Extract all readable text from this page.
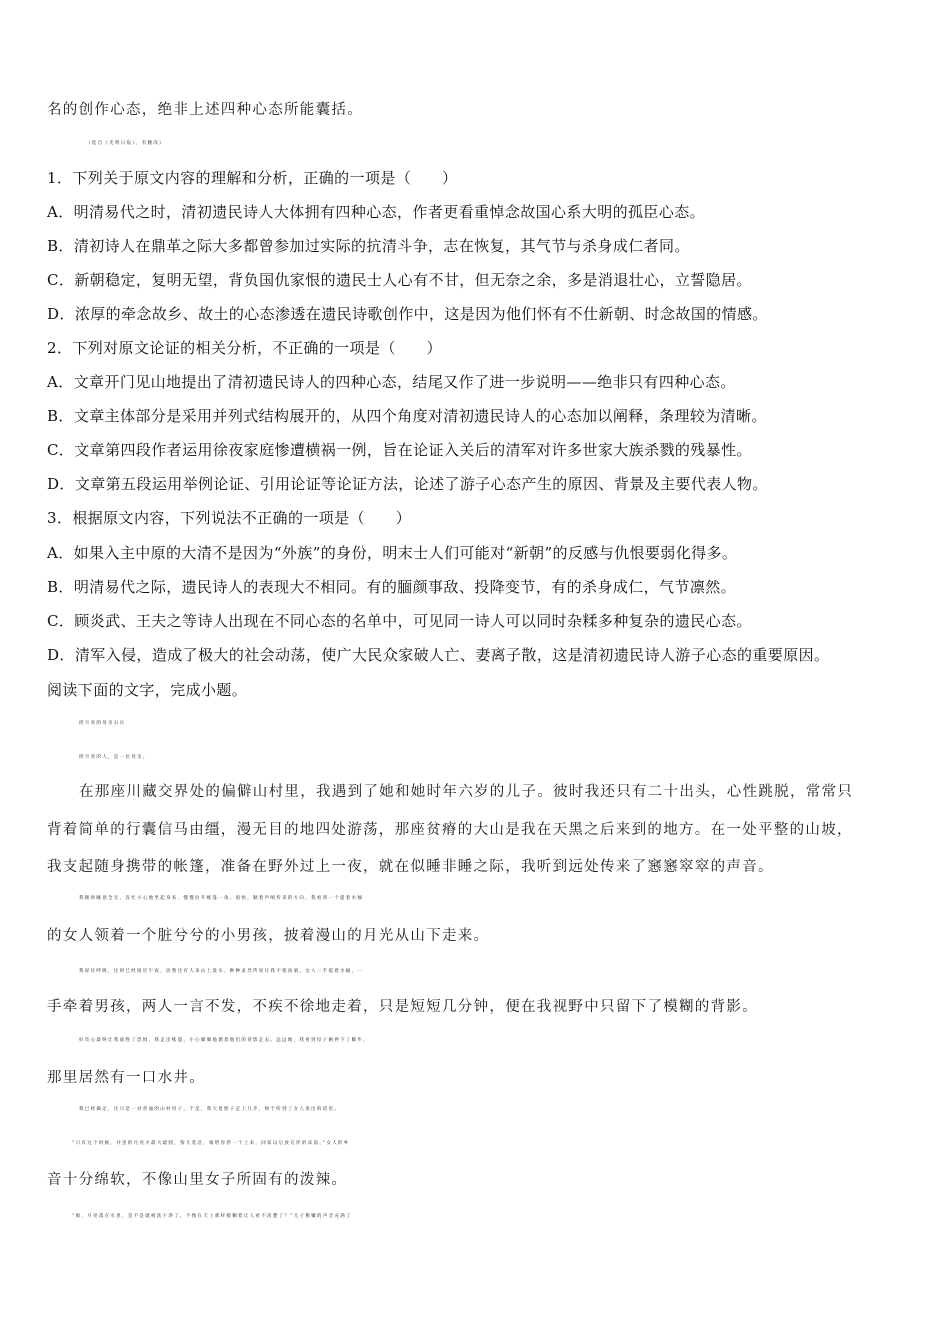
名的创作心态，绝非上述四种心态所能囊括。
（选自《光明日报》，有删改）
1．下列关于原文内容的理解和分析，正确的一项是（　　）
A．明清易代之时，清初遗民诗人大体拥有四种心态，作者更看重悼念故国心系大明的孤臣心态。
B．清初诗人在鼎革之际大多都曾参加过实际的抗清斗争，志在恢复，其气节与杀身成仁者同。
C．新朝稳定，复明无望，背负国仇家恨的遗民士人心有不甘，但无奈之余，多是消退壮心，立誓隐居。
D．浓厚的牵念故乡、故土的心态渗透在遗民诗歌创作中，这是因为他们怀有不仕新朝、时念故国的情感。
2．下列对原文论证的相关分析，不正确的一项是（　　）
A．文章开门见山地提出了清初遗民诗人的四种心态，结尾又作了进一步说明——绝非只有四种心态。
B．文章主体部分是采用并列式结构展开的，从四个角度对清初遗民诗人的心态加以阐释，条理较为清晰。
C．文章第四段作者运用徐夜家庭惨遭横祸一例，旨在论证入关后的清军对许多世家大族杀戮的残暴性。
D．文章第五段运用举例论证、引用论证等论证方法，论述了游子心态产生的原因、背景及主要代表人物。
3．根据原文内容，下列说法不正确的一项是（　　）
A．如果入主中原的大清不是因为“外族”的身份，明末士人们可能对“新朝”的反感与仇恨要弱化得多。
B．明清易代之际，遗民诗人的表现大不相同。有的腼颜事敌、投降变节，有的杀身成仁，气节凛然。
C．顾炎武、王夫之等诗人出现在不同心态的名单中，可见同一诗人可以同时杂糅多种复杂的遗民心态。
D．清军入侵，造成了极大的社会动荡，使广大民众家破人亡、妻离子散，这是清初遗民诗人游子心态的重要原因。
阅读下面的文字，完成小题。
捞月亮的母亲石兵
捞月亮的人，是一位母亲。
在那座川藏交界处的偏僻山村里，我遇到了她和她时年六岁的儿子。彼时我还只有二十出头，心性跳脱，常常只
背着简单的行囊信马由缰，漫无目的地四处游荡，那座贫瘠的大山是我在天黑之后来到的地方。在一处平整的山坡，
我支起随身携带的帐篷，准备在野外过上一夜，就在似睡非睡之际，我听到远处传来了窸窸窣窣的声音。
我顿时睡意全无，连忙小心地坐起身来，慢慢拉开帐篷一角。很快，顺着声响传来的方向，我看到一个提着水桶
的女人领着一个脏兮兮的小男孩，披着漫山的月光从山下走来。
我屏住呼吸，这时已经接近午夜，居然还有人来山上汲水，种种灵异传说让我不寒而栗。女人一手提着水桶，一
手牵着男孩，两人一言不发，不疾不徐地走着，只是短短几分钟，便在我视野中只留下了模糊的背影。
好奇心最终让我战胜了恐惧，我走出帐篷，小心翼翼地循着他们的背影走去。远远地，我看到母子俩停下了脚步，
那里居然有一口水井。
我已经确定，这只是一对普通的山村母子。于是，我大着胆子走上几步，终于听到了女人说出的话语。
“只有这个时候，井里的月亮才最大最圆，狗儿莫急，娘给你捞一个上来，回家以后放在你的床前。”女人的乡
音十分绵软，不像山里女子所固有的泼辣。
“娘，月亮落在水里，是不是就被洗干净了，不像在天上那样模糊着让人看不清楚了？”儿子稚嫩的声音充满了
